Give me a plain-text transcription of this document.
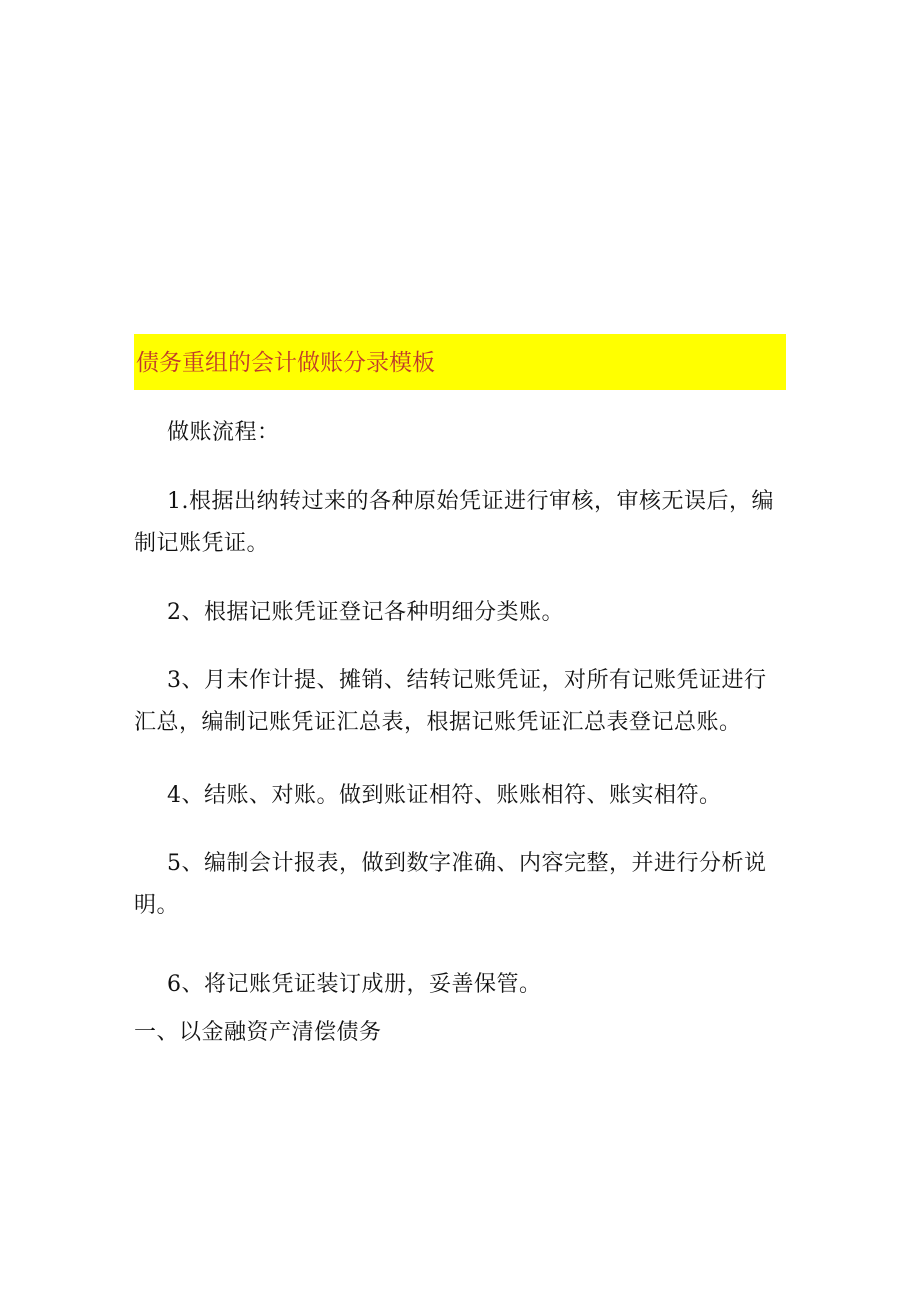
债务重组的会计做账分录模板
做账流程：
1.根据出纳转过来的各种原始凭证进行审核，审核无误后，编
制记账凭证。
2、根据记账凭证登记各种明细分类账。
3、月末作计提、摊销、结转记账凭证，对所有记账凭证进行
汇总，编制记账凭证汇总表，根据记账凭证汇总表登记总账。
4、结账、对账。做到账证相符、账账相符、账实相符。
5、编制会计报表，做到数字准确、内容完整，并进行分析说
明。
6、将记账凭证装订成册，妥善保管。
一、以金融资产清偿债务
